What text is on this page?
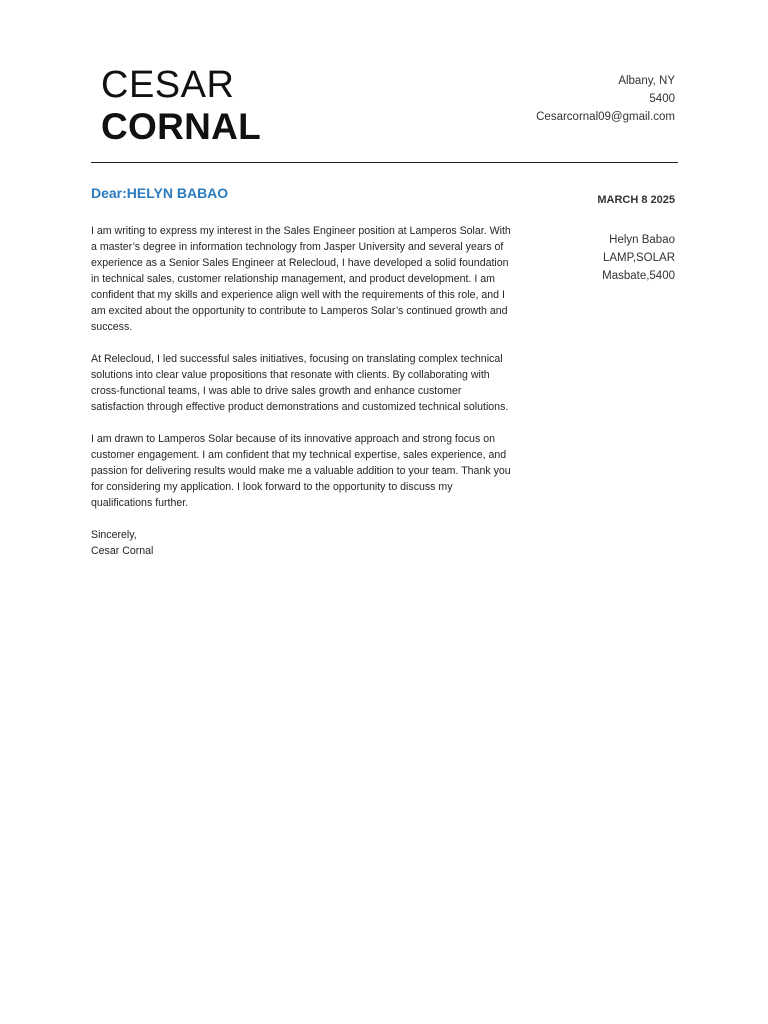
CESAR
CORNAL
Albany, NY
5400
Cesarcornal09@gmail.com
Dear:HELYN BABAO	MARCH 8 2025
Helyn Babao
LAMP,SOLAR
Masbate,5400

I am writing to express my interest in the Sales Engineer position at Lamperos Solar. With a master’s degree in information technology from Jasper University and several years of experience as a Senior Sales Engineer at Relecloud, I have developed a solid foundation in technical sales, customer relationship management, and product development. I am confident that my skills and experience align well with the requirements of this role, and I am excited about the opportunity to contribute to Lamperos Solar’s continued growth and success.

At Relecloud, I led successful sales initiatives, focusing on translating complex technical solutions into clear value propositions that resonate with clients. By collaborating with cross-functional teams, I was able to drive sales growth and enhance customer satisfaction through effective product demonstrations and customized technical solutions.

I am drawn to Lamperos Solar because of its innovative approach and strong focus on customer engagement. I am confident that my technical expertise, sales experience, and passion for delivering results would make me a valuable addition to your team. Thank you for considering my application. I look forward to the opportunity to discuss my qualifications further.

Sincerely,
Cesar Cornal
